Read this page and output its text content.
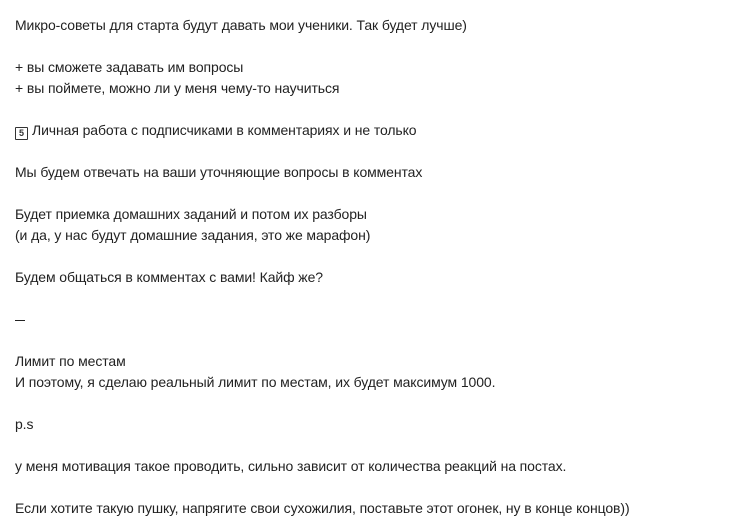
Микро-советы для старта будут давать мои ученики. Так будет лучше)
+ вы сможете задавать им вопросы
+ вы поймете, можно ли у меня чему-то научиться
5 Личная работа с подписчиками в комментариях и не только
Мы будем отвечать на ваши уточняющие вопросы в комментах
Будет приемка домашних заданий и потом их разборы
(и да, у нас будут домашние задания, это же марафон)
Будем общаться в комментах с вами! Кайф же?
Лимит по местам
И поэтому, я сделаю реальный лимит по местам, их будет максимум 1000.
p.s
у меня мотивация такое проводить, сильно зависит от количества реакций на постах.
Если хотите такую пушку, напрягите свои сухожилия, поставьте этот огонек, ну в конце концов))
